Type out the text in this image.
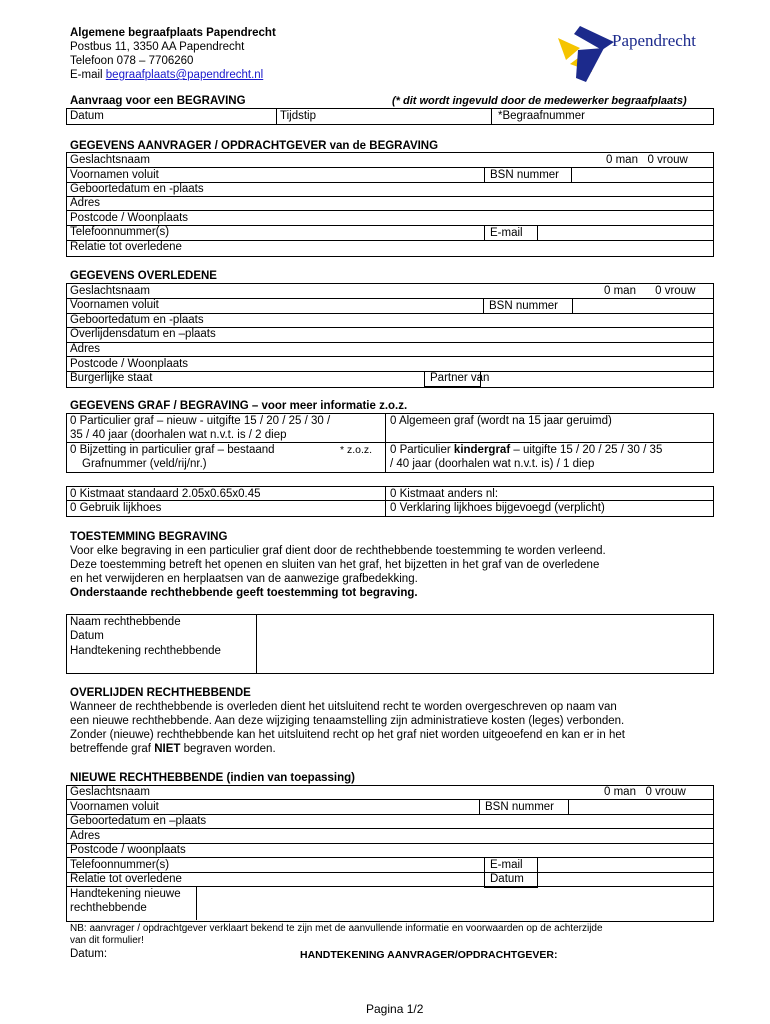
Algemene begraafplaats Papendrecht
Postbus 11, 3350 AA Papendrecht
Telefoon 078 – 7706260
E-mail begraafplaats@papendrecht.nl
Papendrecht
Aanvraag voor een BEGRAVING	(* dit wordt ingevuld door de medewerker begraafplaats)
Datum	Tijdstip	*Begraafnummer
GEGEVENS AANVRAGER / OPDRACHTGEVER van de BEGRAVING
Geslachtsnaam	0 man   0 vrouw
Voornamen voluit	BSN nummer
Geboortedatum en -plaats
Adres
Postcode / Woonplaats
Telefoonnummer(s)	E-mail
Relatie tot overledene
GEGEVENS OVERLEDENE
Geslachtsnaam	0 man      0 vrouw
Voornamen voluit	BSN nummer
Geboortedatum en -plaats
Overlijdensdatum en –plaats
Adres
Postcode / Woonplaats
Burgerlijke staat	Partner van
GEGEVENS GRAF / BEGRAVING – voor meer informatie z.o.z.
0 Particulier graf – nieuw - uitgifte 15 / 20 / 25 / 30 /
35 / 40 jaar (doorhalen wat n.v.t. is / 2 diep
0 Algemeen graf (wordt na 15 jaar geruimd)
0 Bijzetting in particulier graf – bestaand	* z.o.z.
Grafnummer (veld/rij/nr.)
0 Particulier kindergraf – uitgifte 15 / 20 / 25 / 30 / 35
/ 40 jaar (doorhalen wat n.v.t. is) / 1 diep
0 Kistmaat standaard 2.05x0.65x0.45	0 Kistmaat anders nl:
0 Gebruik lijkhoes	0 Verklaring lijkhoes bijgevoegd (verplicht)
TOESTEMMING BEGRAVING
Voor elke begraving in een particulier graf dient door de rechthebbende toestemming te worden verleend.
Deze toestemming betreft het openen en sluiten van het graf, het bijzetten in het graf van de overledene
en het verwijderen en herplaatsen van de aanwezige grafbedekking.
Onderstaande rechthebbende geeft toestemming tot begraving.
Naam rechthebbende
Datum
Handtekening rechthebbende
OVERLIJDEN RECHTHEBBENDE
Wanneer de rechthebbende is overleden dient het uitsluitend recht te worden overgeschreven op naam van
een nieuwe rechthebbende. Aan deze wijziging tenaamstelling zijn administratieve kosten (leges) verbonden.
Zonder (nieuwe) rechthebbende kan het uitsluitend recht op het graf niet worden uitgeoefend en kan er in het
betreffende graf NIET begraven worden.
NIEUWE RECHTHEBBENDE (indien van toepassing)
Geslachtsnaam	0 man   0 vrouw
Voornamen voluit	BSN nummer
Geboortedatum en –plaats
Adres
Postcode / woonplaats
Telefoonnummer(s)	E-mail
Relatie tot overledene	Datum
Handtekening nieuwe
rechthebbende
NB: aanvrager / opdrachtgever verklaart bekend te zijn met de aanvullende informatie en voorwaarden op de achterzijde
van dit formulier!
Datum:	HANDTEKENING AANVRAGER/OPDRACHTGEVER:
Pagina 1/2
